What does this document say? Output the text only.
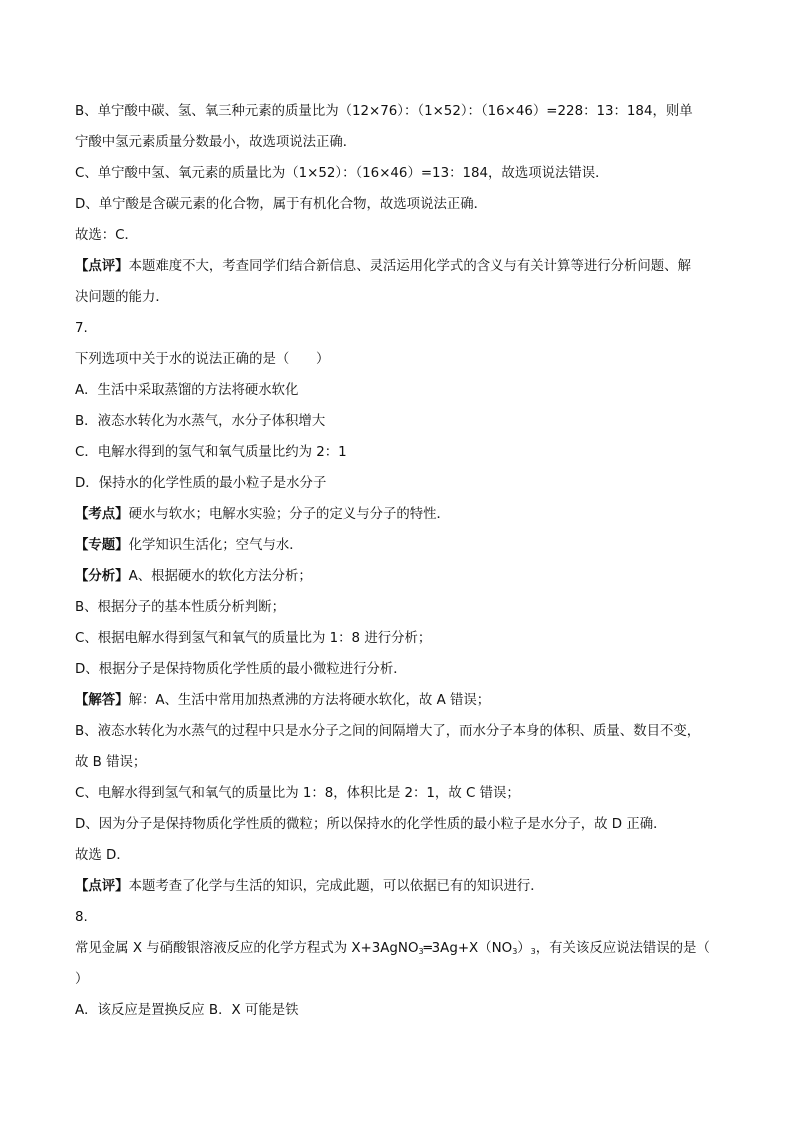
B、单宁酸中碳、氢、氧三种元素的质量比为（12×76）：（1×52）：（16×46）=228：13：184，则单
宁酸中氢元素质量分数最小，故选项说法正确．
C、单宁酸中氢、氧元素的质量比为（1×52）：（16×46）=13：184，故选项说法错误．
D、单宁酸是含碳元素的化合物，属于有机化合物，故选项说法正确．
故选：C．
【点评】本题难度不大，考查同学们结合新信息、灵活运用化学式的含义与有关计算等进行分析问题、解
决问题的能力．
7.
下列选项中关于水的说法正确的是（　　）
A．生活中采取蒸馏的方法将硬水软化
B．液态水转化为水蒸气，水分子体积增大
C．电解水得到的氢气和氧气质量比约为 2：1
D．保持水的化学性质的最小粒子是水分子
【考点】硬水与软水；电解水实验；分子的定义与分子的特性．
【专题】化学知识生活化；空气与水．
【分析】A、根据硬水的软化方法分析；
B、根据分子的基本性质分析判断；
C、根据电解水得到氢气和氧气的质量比为 1：8 进行分析；
D、根据分子是保持物质化学性质的最小微粒进行分析．
【解答】解：A、生活中常用加热煮沸的方法将硬水软化，故 A 错误；
B、液态水转化为水蒸气的过程中只是水分子之间的间隔增大了，而水分子本身的体积、质量、数目不变，
故 B 错误；
C、电解水得到氢气和氧气的质量比为 1：8，体积比是 2：1，故 C 错误；
D、因为分子是保持物质化学性质的微粒；所以保持水的化学性质的最小粒子是水分子，故 D 正确．
故选 D．
【点评】本题考查了化学与生活的知识，完成此题，可以依据已有的知识进行．
8.
常见金属 X 与硝酸银溶液反应的化学方程式为 $X+3AgNO_3═3Ag+X(NO_3)_3$，有关该反应说法错误的是（
）
A．该反应是置换反应 B．X 可能是铁
